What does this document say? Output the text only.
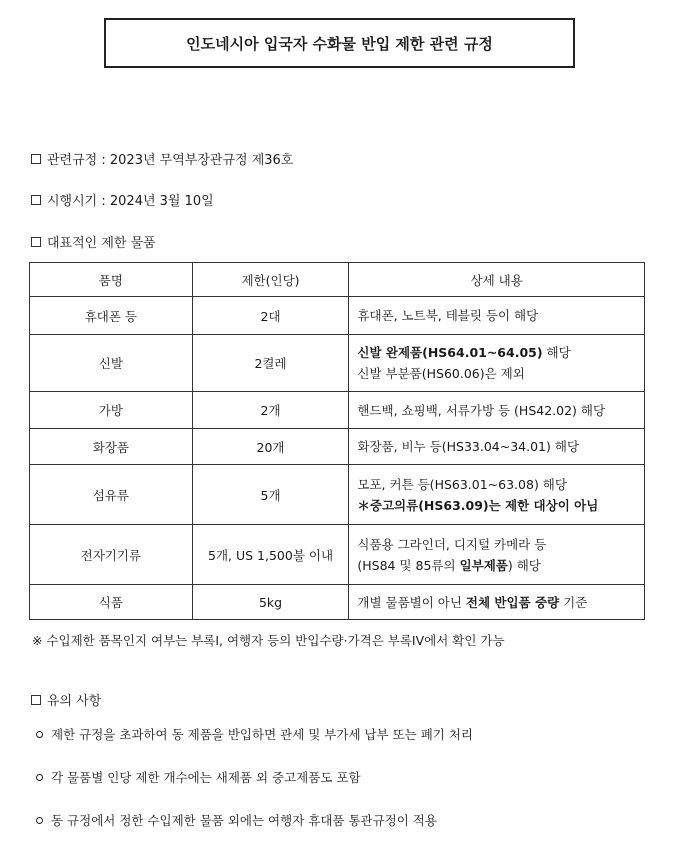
인도네시아 입국자 수화물 반입 제한 관련 규정
관련규정 : 2023년 무역부장관규정 제36호
시행시기 : 2024년 3월 10일
대표적인 제한 물품
품명	제한(인당)	상세 내용
휴대폰 등	2대	휴대폰, 노트북, 테블릿 등이 해당
신발	2켤레	신발 완제품(HS64.01~64.05) 해당
신발 부분품(HS60.06)은 제외
가방	2개	핸드백, 쇼핑백, 서류가방 등 (HS42.02) 해당
화장품	20개	화장품, 비누 등(HS33.04~34.01) 해당
섬유류	5개	모포, 커튼 등(HS63.01~63.08) 해당
＊중고의류(HS63.09)는 제한 대상이 아님
전자기기류	5개, US 1,500불 이내	식품용 그라인더, 디지털 카메라 등
(HS84 및 85류의 일부제품) 해당
식품	5kg	개별 물품별이 아닌 전체 반입품 중량 기준
※ 수입제한 품목인지 여부는 부록I, 여행자 등의 반입수량·가격은 부록IV에서 확인 가능
유의 사항
제한 규정을 초과하여 동 제품을 반입하면 관세 및 부가세 납부 또는 폐기 처리
각 물품별 인당 제한 개수에는 새제품 외 중고제품도 포함
동 규정에서 정한 수입제한 물품 외에는 여행자 휴대품 통관규정이 적용
